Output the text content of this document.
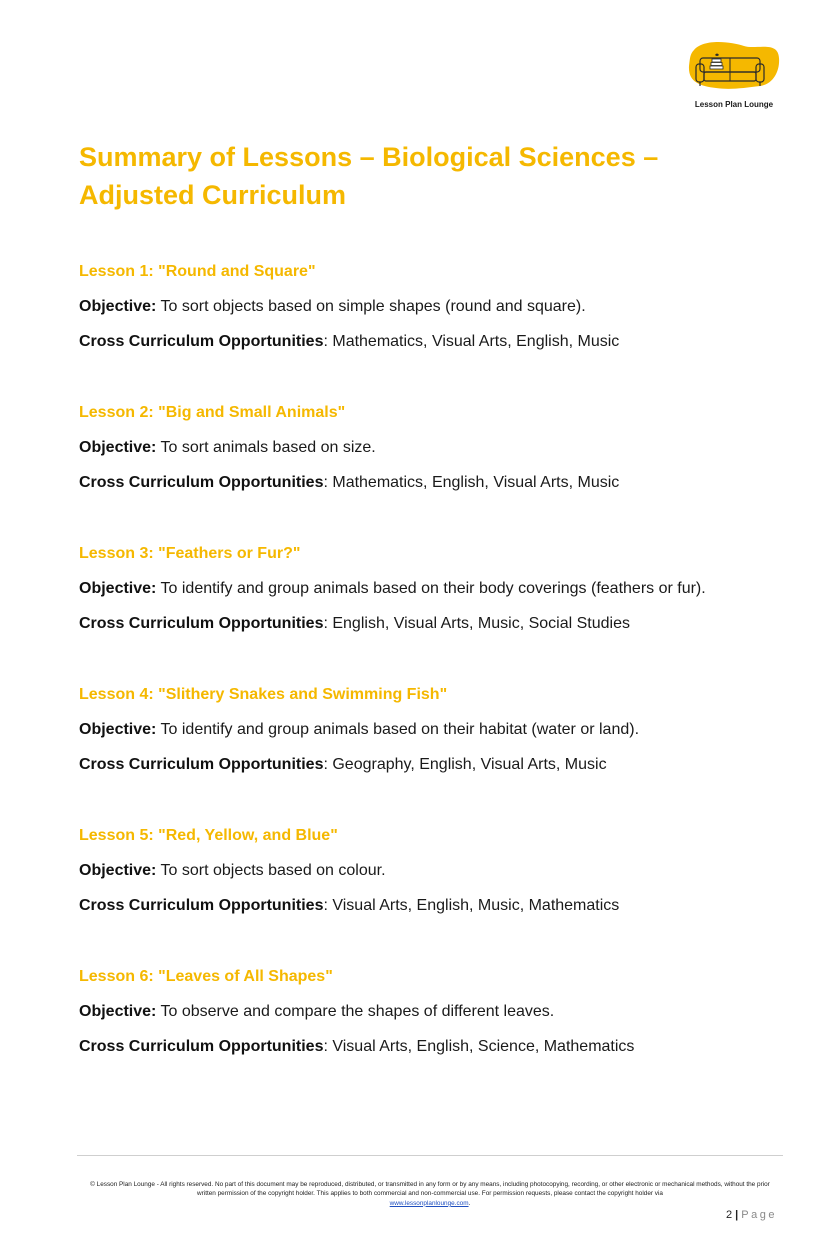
Lesson Plan Lounge
Summary of Lessons – Biological Sciences – Adjusted Curriculum
Lesson 1: "Round and Square"
Objective: To sort objects based on simple shapes (round and square).
Cross Curriculum Opportunities: Mathematics, Visual Arts, English, Music
Lesson 2: "Big and Small Animals"
Objective: To sort animals based on size.
Cross Curriculum Opportunities: Mathematics, English, Visual Arts, Music
Lesson 3: "Feathers or Fur?"
Objective: To identify and group animals based on their body coverings (feathers or fur).
Cross Curriculum Opportunities: English, Visual Arts, Music, Social Studies
Lesson 4: "Slithery Snakes and Swimming Fish"
Objective: To identify and group animals based on their habitat (water or land).
Cross Curriculum Opportunities: Geography, English, Visual Arts, Music
Lesson 5: "Red, Yellow, and Blue"
Objective: To sort objects based on colour.
Cross Curriculum Opportunities: Visual Arts, English, Music, Mathematics
Lesson 6: "Leaves of All Shapes"
Objective: To observe and compare the shapes of different leaves.
Cross Curriculum Opportunities: Visual Arts, English, Science, Mathematics
© Lesson Plan Lounge - All rights reserved. No part of this document may be reproduced, distributed, or transmitted in any form or by any means, including photocopying, recording, or other electronic or mechanical methods, without the prior written permission of the copyright holder. This applies to both commercial and non-commercial use. For permission requests, please contact the copyright holder via
www.lessonplanlounge.com.
2 | Page
